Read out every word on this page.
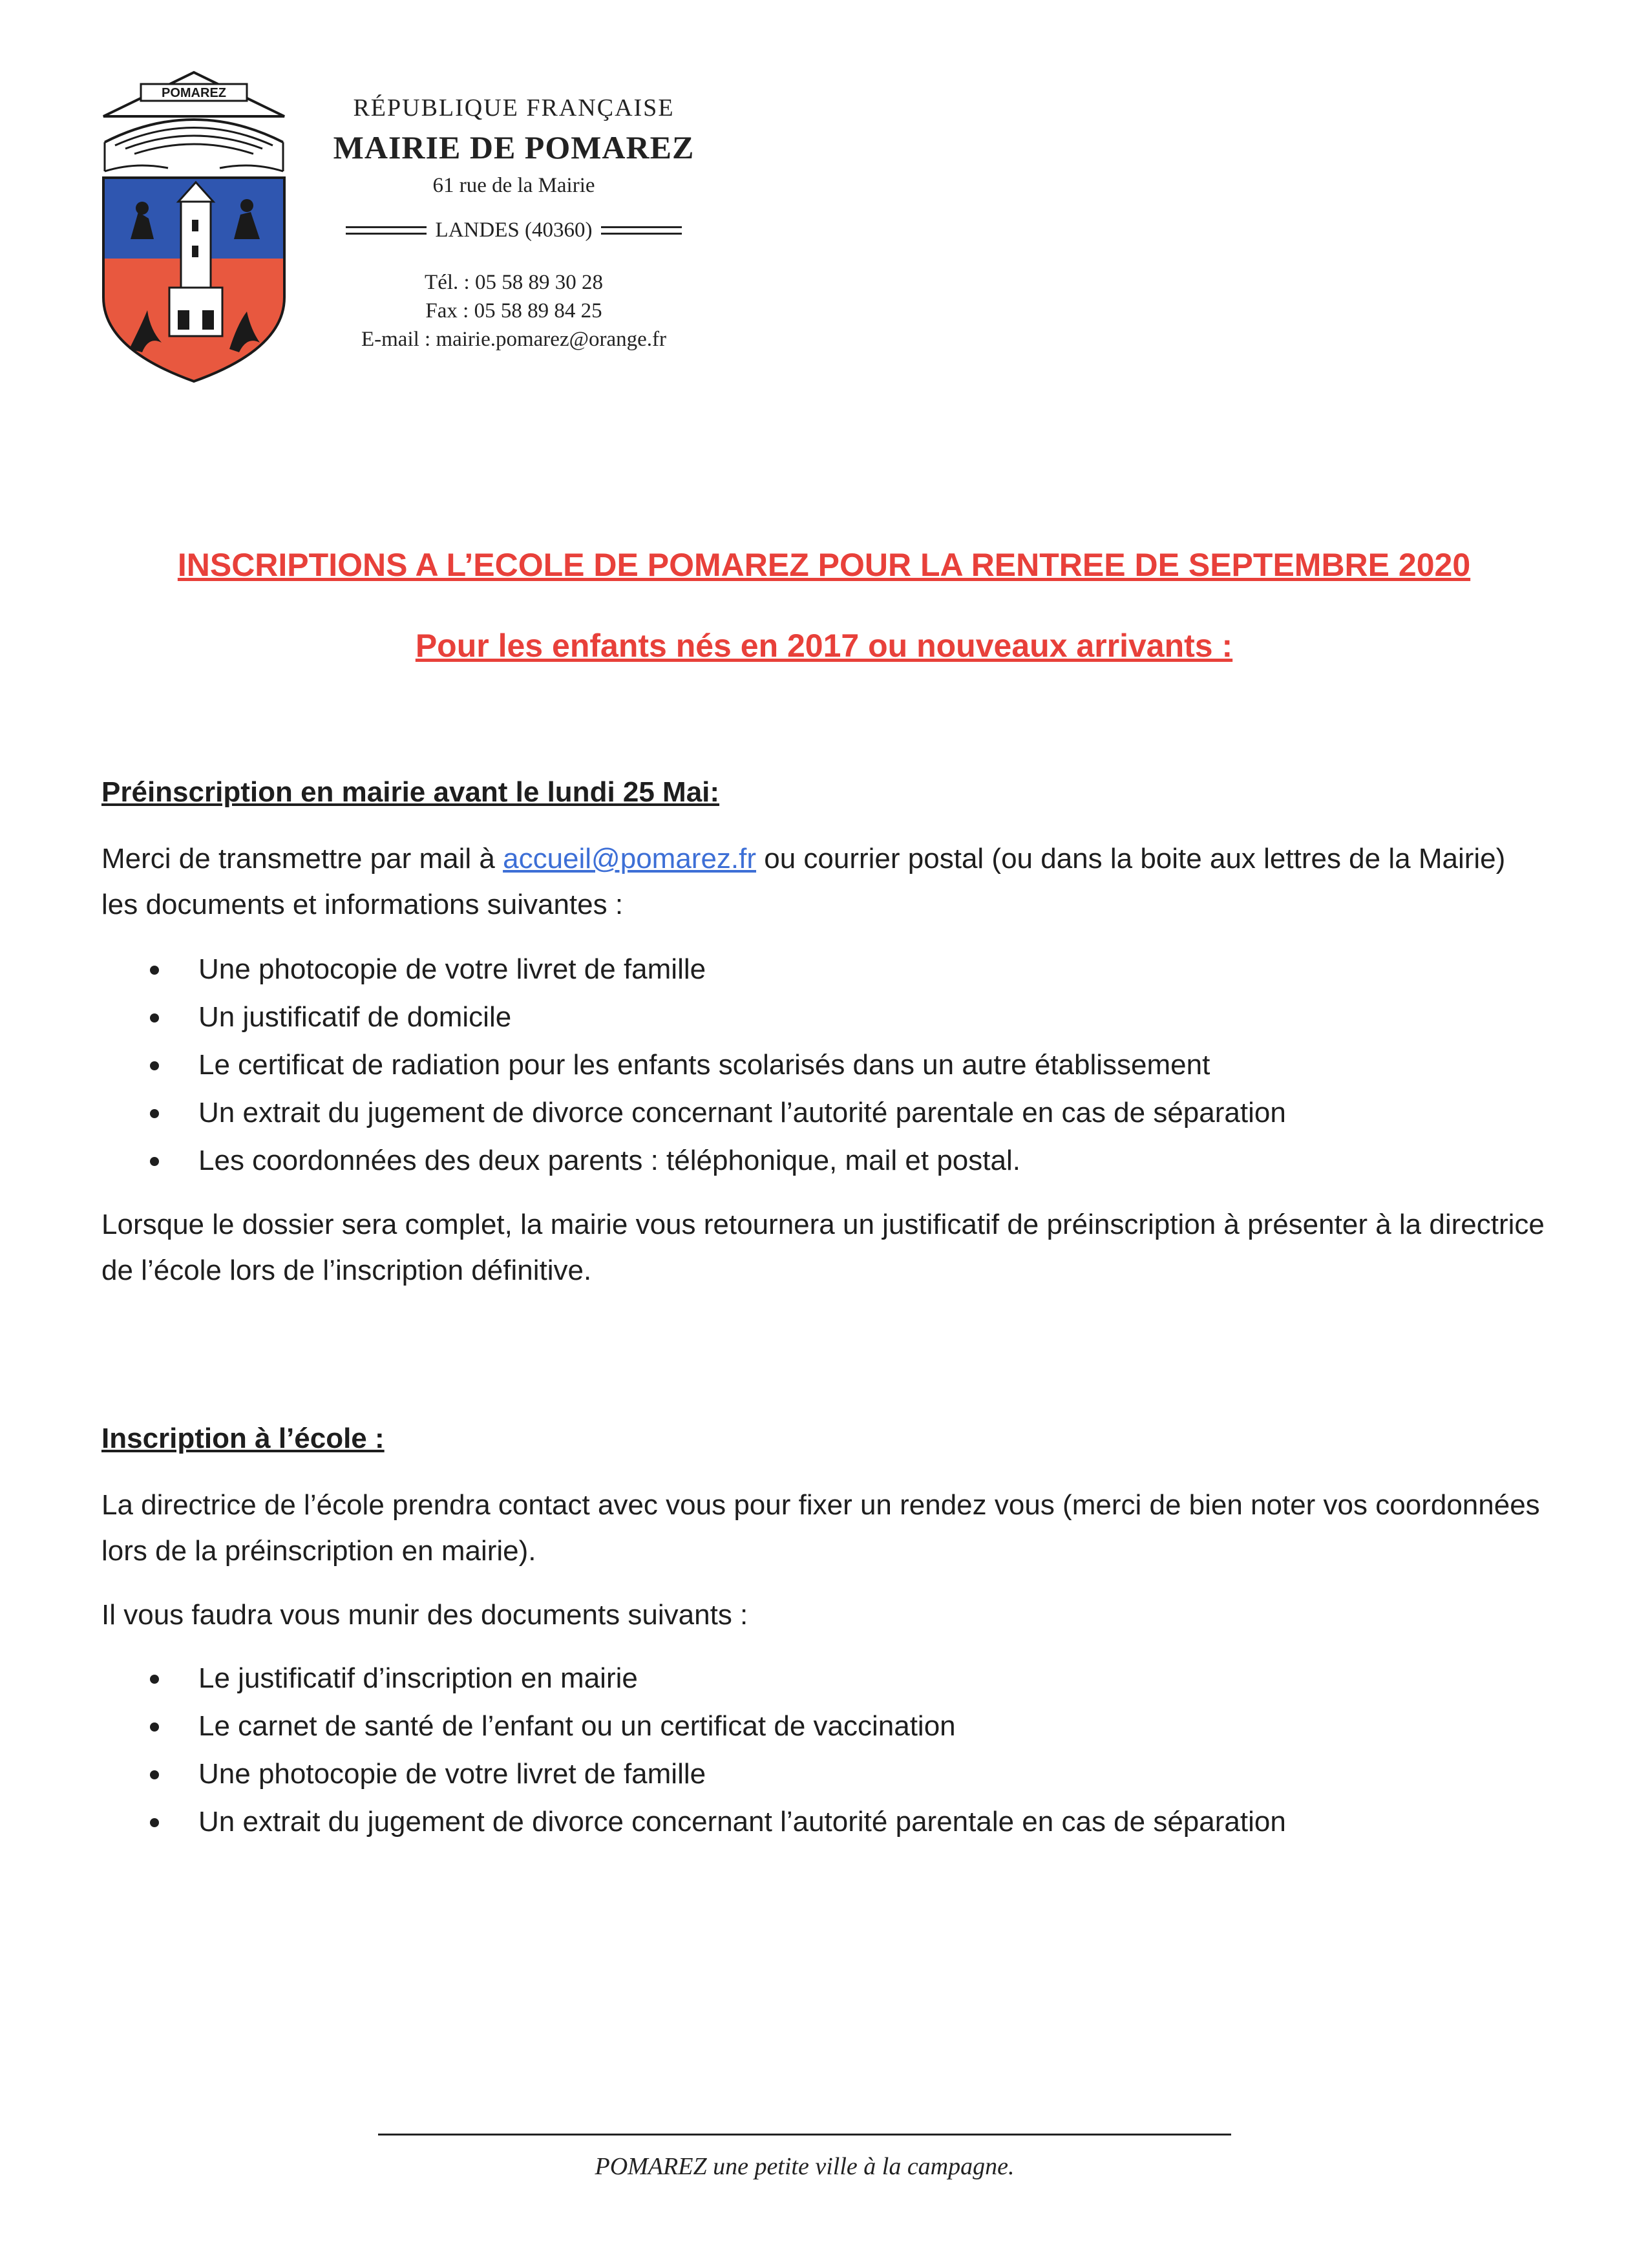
POMAREZ
RÉPUBLIQUE FRANÇAISE
MAIRIE DE POMAREZ
61 rue de la Mairie
LANDES (40360)
Tél. : 05 58 89 30 28
Fax : 05 58 89 84 25
E-mail : mairie.pomarez@orange.fr
INSCRIPTIONS A L’ECOLE DE POMAREZ POUR LA RENTREE DE SEPTEMBRE 2020
Pour les enfants nés en 2017 ou nouveaux arrivants :
Préinscription en mairie avant le lundi 25 Mai:
Merci de transmettre par mail à accueil@pomarez.fr ou courrier postal (ou dans la boite aux lettres de la Mairie) les documents et informations suivantes :
Une photocopie de votre livret de famille
Un justificatif de domicile
Le certificat de radiation pour les enfants scolarisés dans un autre établissement
Un extrait du jugement de divorce concernant l’autorité parentale en cas de séparation
Les coordonnées des deux parents : téléphonique, mail et postal.
Lorsque le dossier sera complet, la mairie vous retournera un justificatif de préinscription à présenter à la directrice de l’école lors de l’inscription définitive.
Inscription à l’école :
La directrice de l’école prendra contact avec vous pour fixer un rendez vous (merci de bien noter vos coordonnées lors de la préinscription en mairie).
Il vous faudra vous munir des documents suivants :
Le justificatif d’inscription en mairie
Le carnet de santé de l’enfant ou un certificat de vaccination
Une photocopie de votre livret de famille
Un extrait du jugement de divorce concernant l’autorité parentale en cas de séparation
POMAREZ une petite ville à la campagne.
